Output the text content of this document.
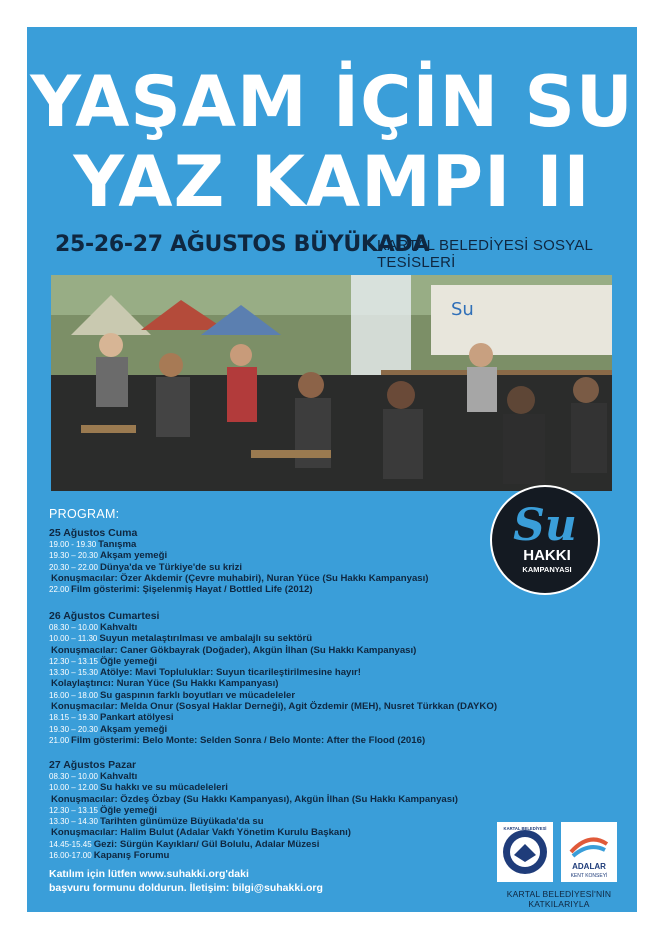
YAŞAM İÇİN SU
YAZ KAMPI II
25-26-27 AĞUSTOS BÜYÜKADA
KARTAL BELEDİYESİ SOSYAL TESİSLERİ
Su
PROGRAM:	Su
HAKKI
KAMPANYASI
25 Ağustos Cuma
19.00 - 19.30 Tanışma
19.30 – 20.30 Akşam yemeği
20.30 – 22.00 Dünya'da ve Türkiye'de su krizi
Konuşmacılar: Özer Akdemir (Çevre muhabiri), Nuran Yüce (Su Hakkı Kampanyası)
22.00 Film gösterimi: Şişelenmiş Hayat / Bottled Life (2012)
26 Ağustos Cumartesi
08.30 – 10.00 Kahvaltı
10.00 – 11.30 Suyun metalaştırılması ve ambalajlı su sektörü
Konuşmacılar: Caner Gökbayrak (Doğader), Akgün İlhan (Su Hakkı Kampanyası)
12.30 – 13.15 Öğle yemeği
13.30 – 15.30 Atölye: Mavi Topluluklar: Suyun ticarileştirilmesine hayır!
Kolaylaştırıcı: Nuran Yüce (Su Hakkı Kampanyası)
16.00 – 18.00 Su gaspının farklı boyutları ve mücadeleler
Konuşmacılar: Melda Onur (Sosyal Haklar Derneği), Agit Özdemir (MEH), Nusret Türkkan (DAYKO)
18.15 – 19.30 Pankart atölyesi
19.30 – 20.30 Akşam yemeği
21.00 Film gösterimi: Belo Monte: Selden Sonra / Belo Monte: After the Flood (2016)
27 Ağustos Pazar
08.30 – 10.00 Kahvaltı
10.00 – 12.00 Su hakkı ve su mücadeleleri
Konuşmacılar: Özdeş Özbay (Su Hakkı Kampanyası), Akgün İlhan (Su Hakkı Kampanyası)
12.30 – 13.15 Öğle yemeği
13.30 – 14.30 Tarihten günümüze Büyükada'da su
Konuşmacılar: Halim Bulut (Adalar Vakfı Yönetim Kurulu Başkanı)
14.45-15.45 Gezi: Sürgün Kayıkları/ Gül Bolulu, Adalar Müzesi
16.00-17.00 Kapanış Forumu
Katılım için lütfen www.suhakki.org'daki
başvuru formunu doldurun. İletişim: bilgi@suhakki.org
KARTAL BELEDİYESİ
ADALAR
KENT KONSEYİ
KARTAL BELEDİYESİ'NİN KATKILARIYLA
